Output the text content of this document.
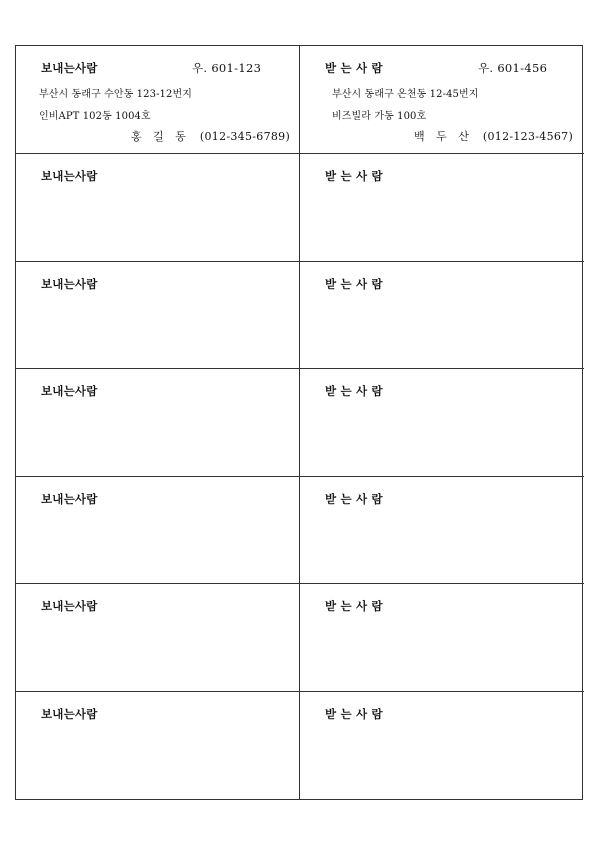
보내는사람	우. 601-123
부산시 동래구 수안동 123-12번지
인비APT 102동 1004호
홍 길 동 (012-345-6789)
받 는 사 람	우. 601-456
부산시 동래구 온천동 12-45번지
비즈빌라 가동 100호
백 두 산 (012-123-4567)
보내는사람	받 는 사 람
보내는사람	받 는 사 람
보내는사람	받 는 사 람
보내는사람	받 는 사 람
보내는사람	받 는 사 람
보내는사람	받 는 사 람
